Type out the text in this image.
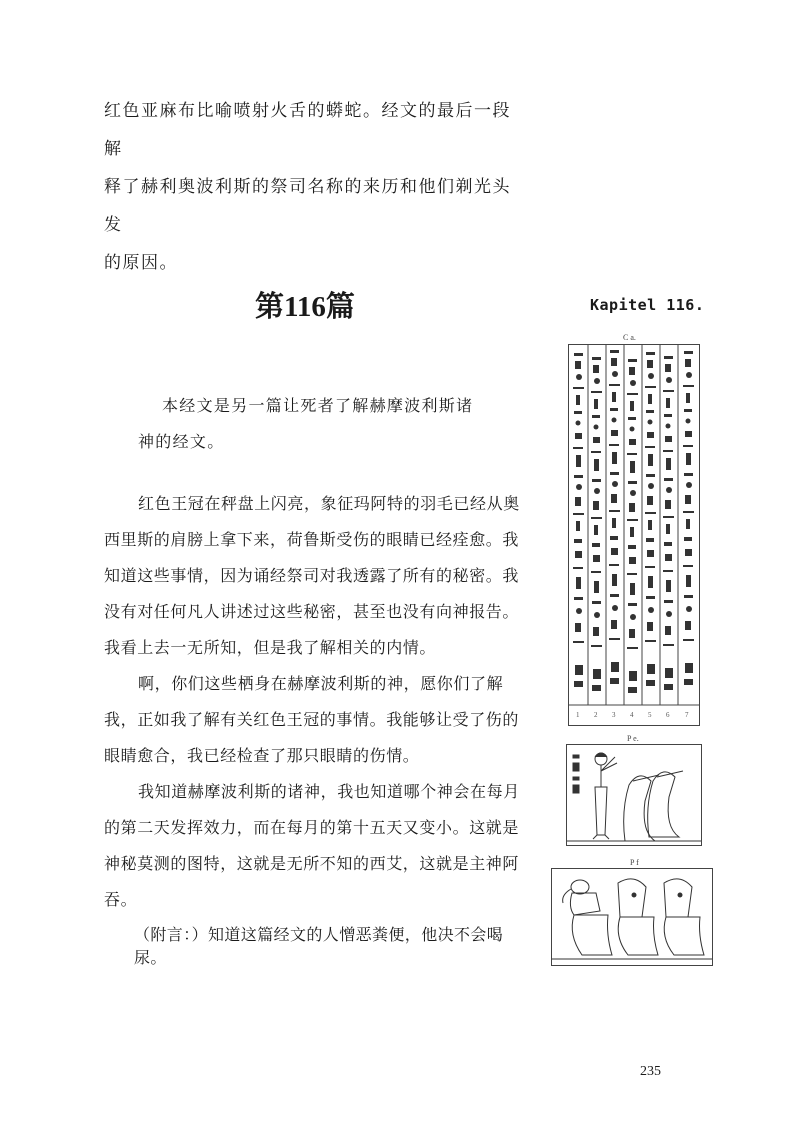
红色亚麻布比喻喷射火舌的蟒蛇。经文的最后一段解

释了赫利奥波利斯的祭司名称的来历和他们剃光头发

的原因。

第116篇

本经文是另一篇让死者了解赫摩波利斯诸

神的经文。

红色王冠在秤盘上闪亮，象征玛阿特的羽毛已经从奥西里斯的肩膀上拿下来，荷鲁斯受伤的眼睛已经痊愈。我知道这些事情，因为诵经祭司对我透露了所有的秘密。我没有对任何凡人讲述过这些秘密，甚至也没有向神报告。我看上去一无所知，但是我了解相关的内情。

啊，你们这些栖身在赫摩波利斯的神，愿你们了解我，正如我了解有关红色王冠的事情。我能够让受了伤的眼睛愈合，我已经检查了那只眼睛的伤情。

我知道赫摩波利斯的诸神，我也知道哪个神会在每月的第二天发挥效力，而在每月的第十五天又变小。这就是神秘莫测的图特，这就是无所不知的西艾，这就是主神阿吞。

（附言：）知道这篇经文的人憎恶粪便，他决不会喝尿。
235
Kapitel 116.
C a.
1 2 3 4 5 6 7
P e.
P f
